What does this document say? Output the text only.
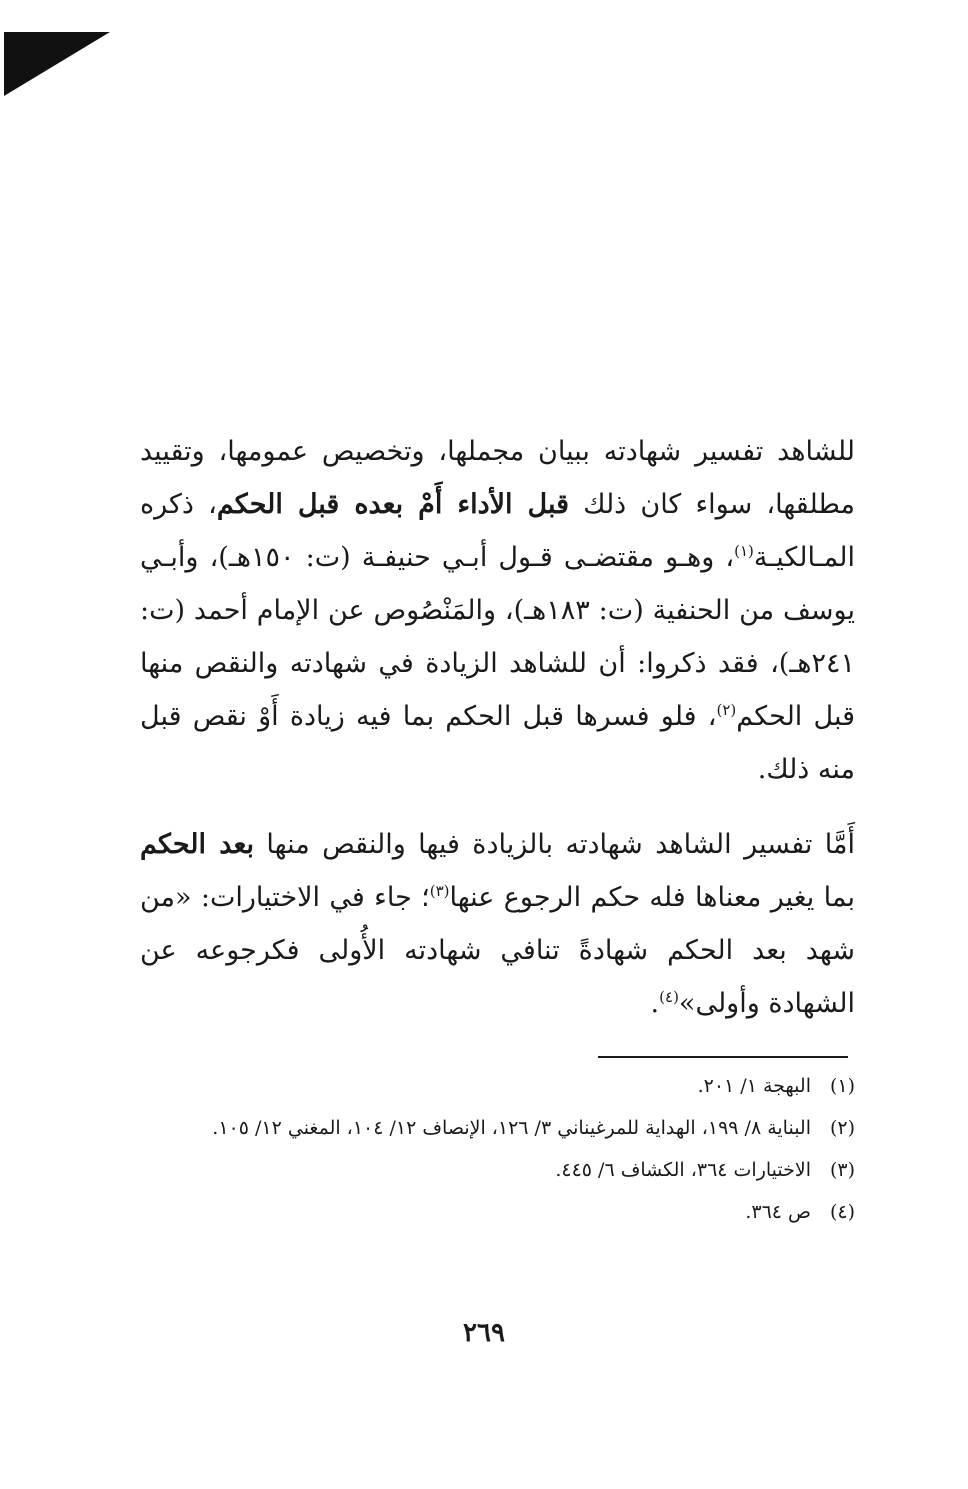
للشاهد تفسير شهادته ببيان مجملها، وتخصيص عمومها، وتقييد مطلقها، سواء كان ذلك قبل الأداء أَمْ بعده قبل الحكم، ذكره المـالكيـة$^{(١)}$، وهـو مقتضـى قـول أبـي حنيفـة (ت: ١٥٠هـ)، وأبـي يوسف من الحنفية (ت: ١٨٣هـ)، والمَنْصُوص عن الإمام أحمد (ت: ٢٤١هـ)، فقد ذكروا: أن للشاهد الزيادة في شهادته والنقص منها قبل الحكم$^{(٢)}$، فلو فسرها قبل الحكم بما فيه زيادة أَوْ نقص قبل منه ذلك.

أَمَّا تفسير الشاهد شهادته بالزيادة فيها والنقص منها بعد الحكم بما يغير معناها فله حكم الرجوع عنها$^{(٣)}$؛ جاء في الاختيارات: «من شهد بعد الحكم شهادةً تنافي شهادته الأُولى فكرجوعه عن الشهادة وأولى»$^{(٤)}$.

(١)البهجة ١/ ٢٠١.
(٢)البناية ٨/ ١٩٩، الهداية للمرغيناني ٣/ ١٢٦، الإنصاف ١٢/ ١٠٤، المغني ١٢/ ١٠٥.
(٣)الاختيارات ٣٦٤، الكشاف ٦/ ٤٤٥.
(٤)ص ٣٦٤.
٢٦٩
